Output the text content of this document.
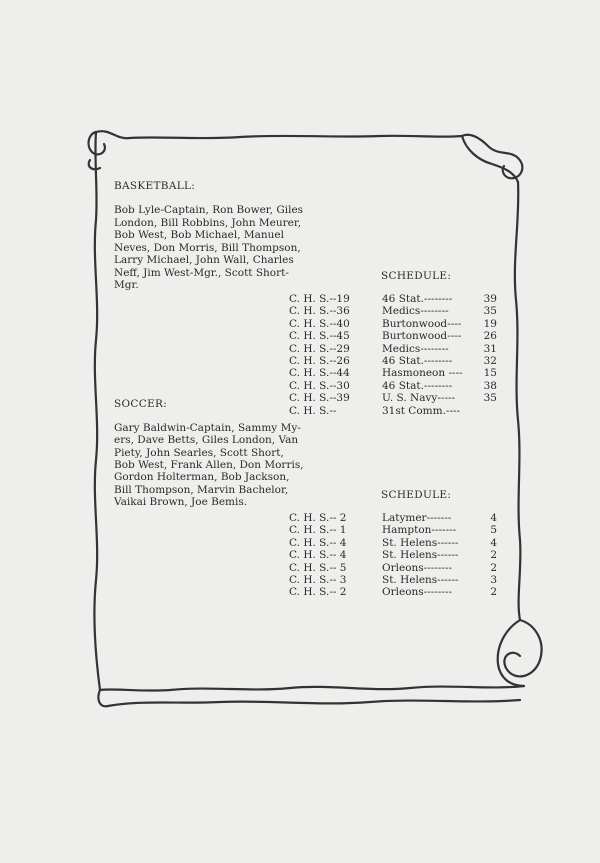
BASKETBALL:
Bob Lyle-Captain, Ron Bower, Giles
London, Bill Robbins, John Meurer,
Bob West, Bob Michael, Manuel
Neves, Don Morris, Bill Thompson,
Larry Michael, John Wall, Charles
Neff, Jim West-Mgr., Scott Short-
Mgr.
SCHEDULE:
C. H. S.--19	46 Stat.--------	39
C. H. S.--36	Medics--------	35
C. H. S.--40	Burtonwood---- 19
C. H. S.--45	Burtonwood---- 26
C. H. S.--29	Medics--------	31
C. H. S.--26	46 Stat.--------	32
C. H. S.--44	Hasmoneon ---- 15
C. H. S.--30	46 Stat.--------	38
C. H. S.--39	U. S. Navy-----	35
C. H. S.--	31st Comm.----
SOCCER:
Gary Baldwin-Captain, Sammy My-
ers, Dave Betts, Giles London, Van
Piety, John Searles, Scott Short,
Bob West, Frank Allen, Don Morris,
Gordon Holterman, Bob Jackson,
Bill Thompson, Marvin Bachelor,
Vaikai Brown, Joe Bemis.
SCHEDULE:
C. H. S.-- 2	Latymer-------	4
C. H. S.-- 1	Hampton-------	5
C. H. S.-- 4	St. Helens------	4
C. H. S.-- 4	St. Helens------	2
C. H. S.-- 5	Orleons--------	2
C. H. S.-- 3	St. Helens------	3
C. H. S.-- 2	Orleons--------	2
